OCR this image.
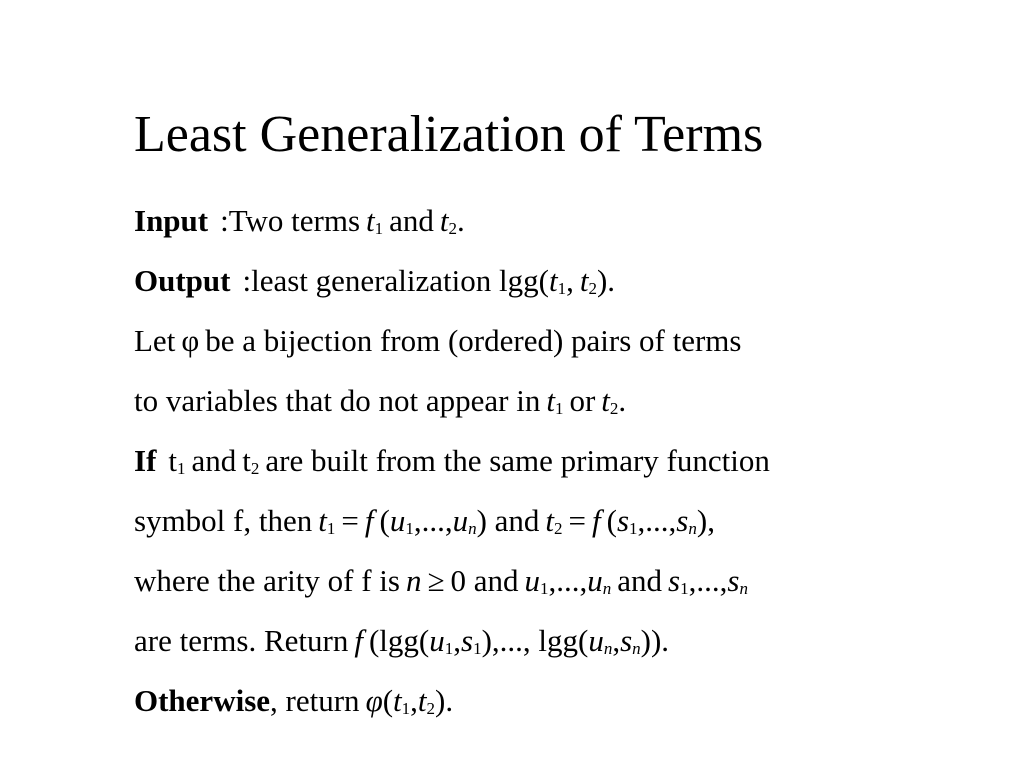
Least Generalization of Terms
Input :Two terms $t_1$ and $t_2$.
Output :least generalization $\lg g(t_1$, $t_2$).
Let φ be a bijection from (ordered) pairs of terms
to variables that do not appear in $t_1$ or $t_2$.
If $t_1$ and $t_2$ are built from the same primary function
symbol f, then $t_1 = f$ $(u_1,...,u_n)$ and $t_2 = f$ $(s_1,...,s_n)$,
where the arity of f is n ≥ 0 and $u_1,...,u_n$ and $s_1,...,s_n$
are terms. Return f ($\lg g(u_1,s_1)$,..., $\lg g(u_n,s_n)$).
Otherwise, return $\varphi(t_1,t_2)$.
